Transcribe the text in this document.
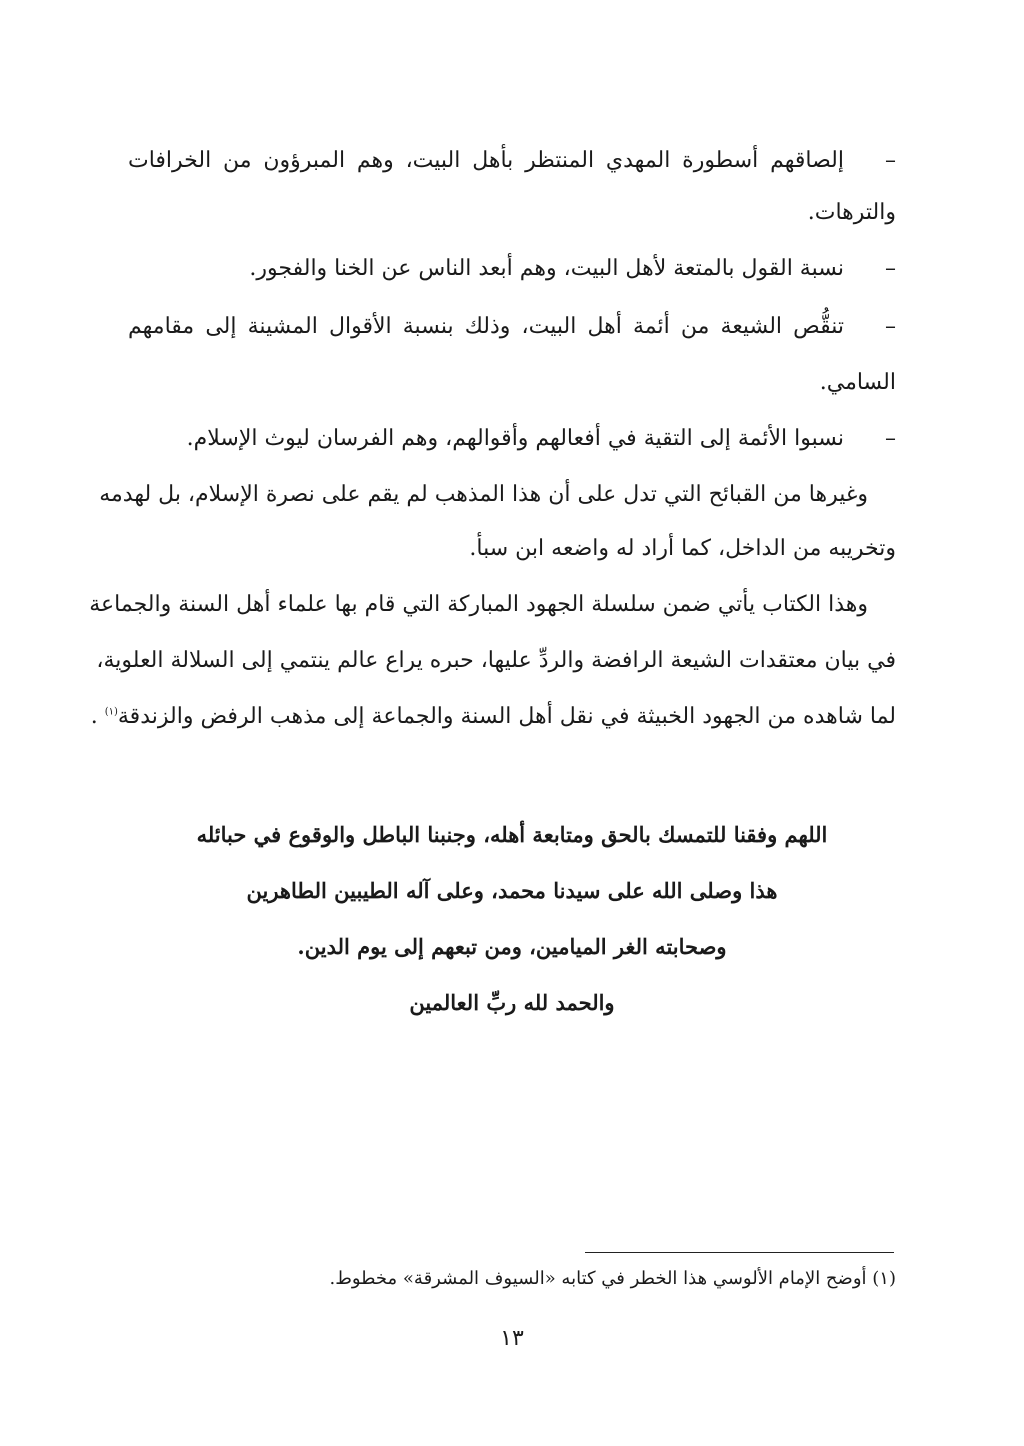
–إلصاقهم أسطورة المهدي المنتظر بأهل البيت، وهم المبرؤون من الخرافات
والترهات.
–نسبة القول بالمتعة لأهل البيت، وهم أبعد الناس عن الخنا والفجور.
–تنقُّص الشيعة من أئمة أهل البيت، وذلك بنسبة الأقوال المشينة إلى مقامهم
السامي.
–نسبوا الأئمة إلى التقية في أفعالهم وأقوالهم، وهم الفرسان ليوث الإسلام.
وغيرها من القبائح التي تدل على أن هذا المذهب لم يقم على نصرة الإسلام، بل لهدمه
وتخريبه من الداخل، كما أراد له واضعه ابن سبأ.
وهذا الكتاب يأتي ضمن سلسلة الجهود المباركة التي قام بها علماء أهل السنة والجماعة
في بيان معتقدات الشيعة الرافضة والردِّ عليها، حبره يراع عالم ينتمي إلى السلالة العلوية،
لما شاهده من الجهود الخبيثة في نقل أهل السنة والجماعة إلى مذهب الرفض والزندقة$^{(١)}$ .
اللهم وفقنا للتمسك بالحق ومتابعة أهله، وجنبنا الباطل والوقوع في حبائله
هذا وصلى الله على سيدنا محمد، وعلى آله الطيبين الطاهرين
وصحابته الغر الميامين، ومن تبعهم إلى يوم الدين.
والحمد لله ربِّ العالمين
(١) أوضح الإمام الألوسي هذا الخطر في كتابه «السيوف المشرقة» مخطوط.
١٣
